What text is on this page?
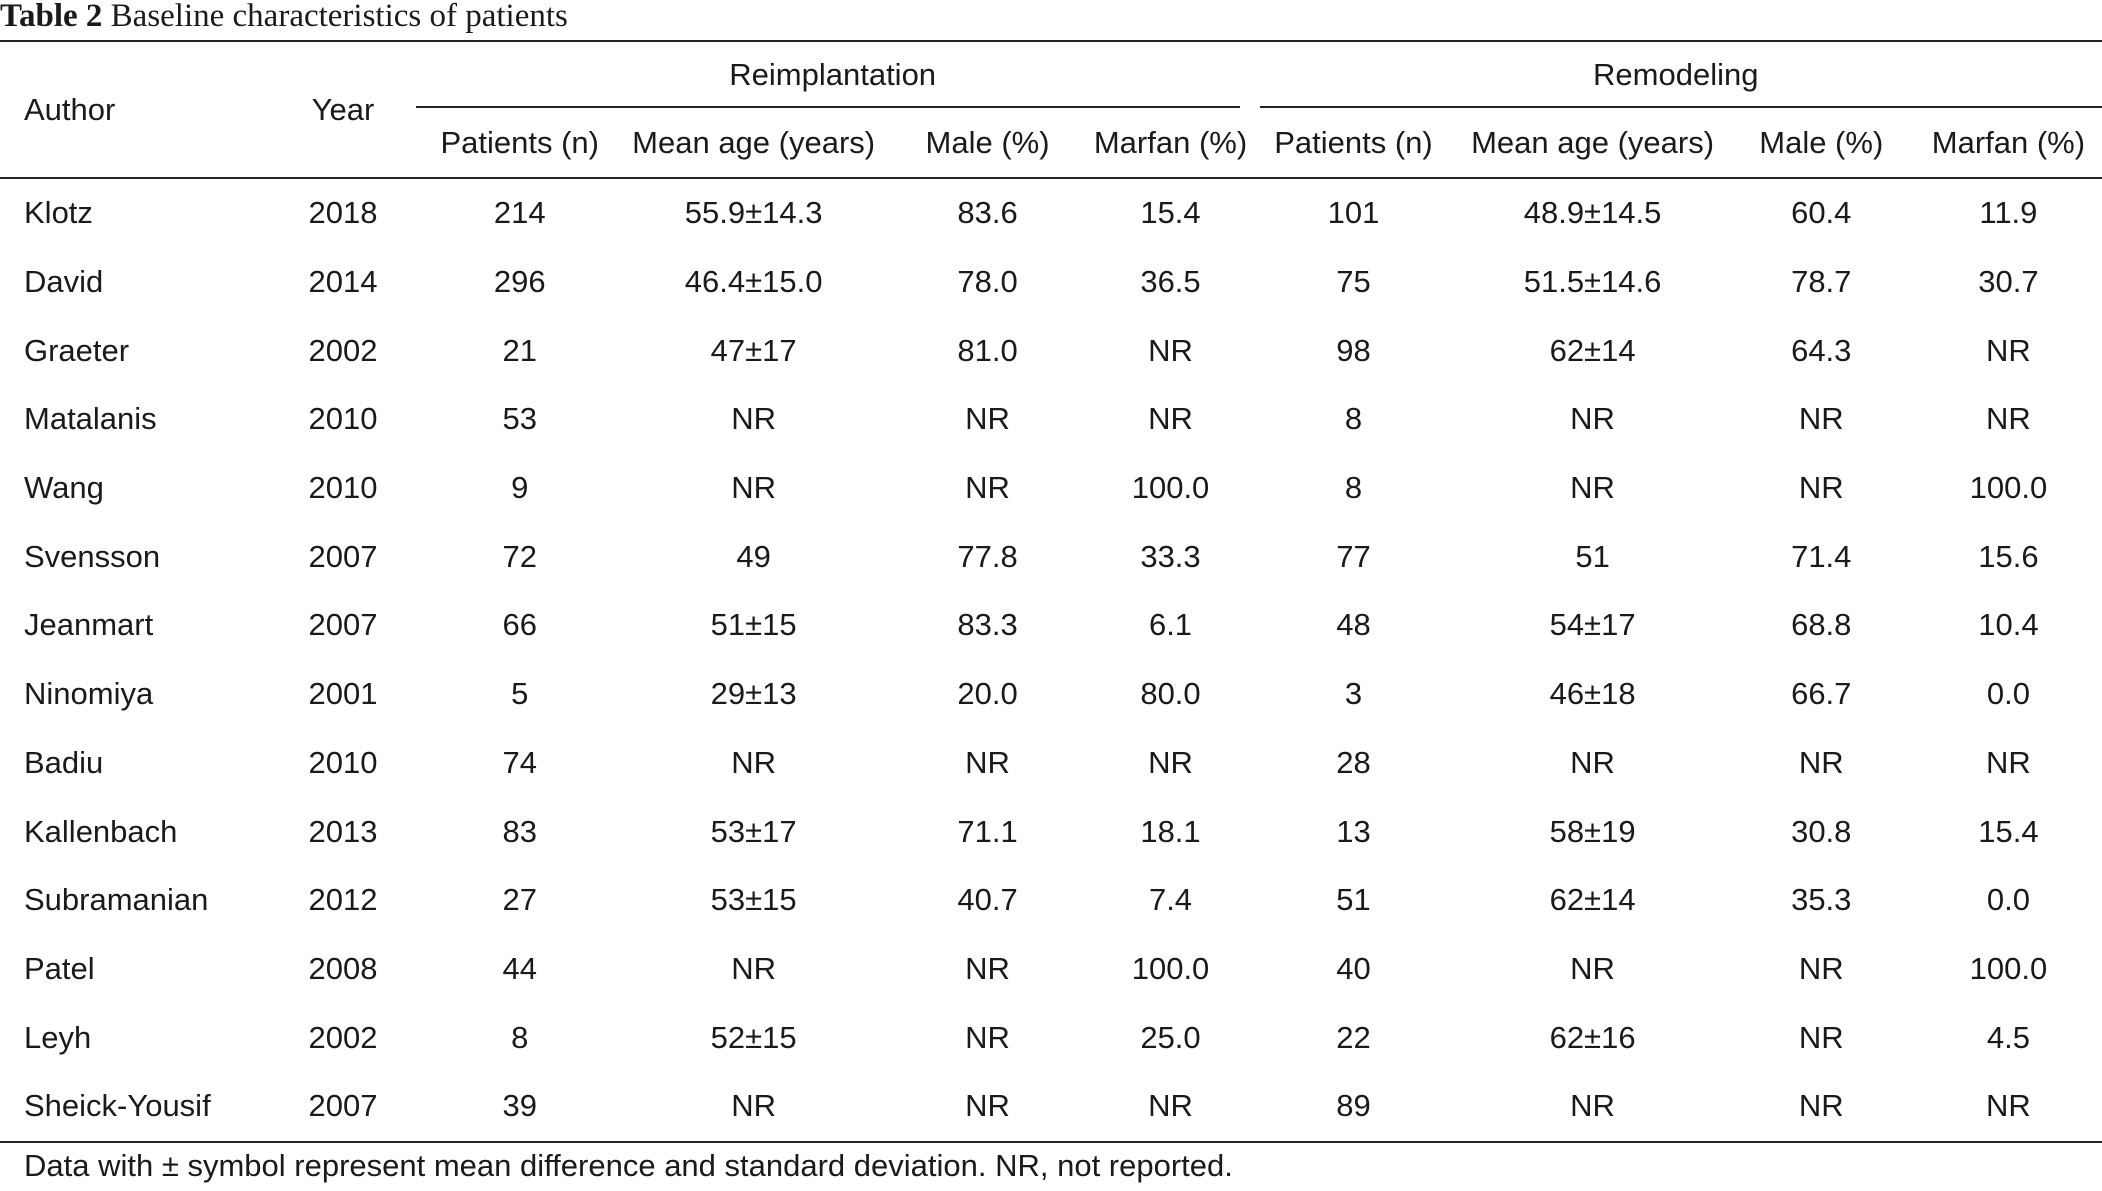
Table 2 Baseline characteristics of patients
Author	Year	Reimplantation				Remodeling			

		Patients (n)	Mean age (years)	Male (%)	Marfan (%)	Patients (n)	Mean age (years)	Male (%)	Marfan (%)
Klotz	2018	214	55.9±14.3	83.6	15.4	101	48.9±14.5	60.4	11.9
David	2014	296	46.4±15.0	78.0	36.5	75	51.5±14.6	78.7	30.7
Graeter	2002	21	47±17	81.0	NR	98	62±14	64.3	NR
Matalanis	2010	53	NR	NR	NR	8	NR	NR	NR
Wang	2010	9	NR	NR	100.0	8	NR	NR	100.0
Svensson	2007	72	49	77.8	33.3	77	51	71.4	15.6
Jeanmart	2007	66	51±15	83.3	6.1	48	54±17	68.8	10.4
Ninomiya	2001	5	29±13	20.0	80.0	3	46±18	66.7	0.0
Badiu	2010	74	NR	NR	NR	28	NR	NR	NR
Kallenbach	2013	83	53±17	71.1	18.1	13	58±19	30.8	15.4
Subramanian	2012	27	53±15	40.7	7.4	51	62±14	35.3	0.0
Patel	2008	44	NR	NR	100.0	40	NR	NR	100.0
Leyh	2002	8	52±15	NR	25.0	22	62±16	NR	4.5
Sheick-Yousif	2007	39	NR	NR	NR	89	NR	NR	NR
Data with ± symbol represent mean difference and standard deviation. NR, not reported.
